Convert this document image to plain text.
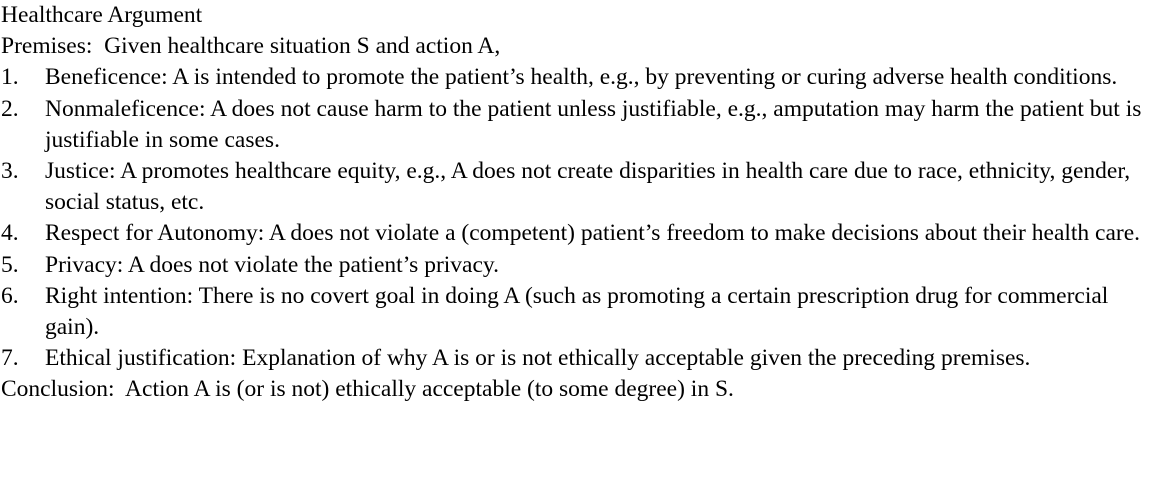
Healthcare Argument
Premises:  Given healthcare situation S and action A,
1. Beneficence: A is intended to promote the patient’s health, e.g., by preventing or curing adverse health conditions.
2. Nonmaleficence: A does not cause harm to the patient unless justifiable, e.g., amputation may harm the patient but is justifiable in some cases.
3. Justice: A promotes healthcare equity, e.g., A does not create disparities in health care due to race, ethnicity, gender, social status, etc.
4. Respect for Autonomy: A does not violate a (competent) patient’s freedom to make decisions about their health care.
5. Privacy: A does not violate the patient’s privacy.
6. Right intention: There is no covert goal in doing A (such as promoting a certain prescription drug for commercial gain).
7. Ethical justification: Explanation of why A is or is not ethically acceptable given the preceding premises.
Conclusion:  Action A is (or is not) ethically acceptable (to some degree) in S.
